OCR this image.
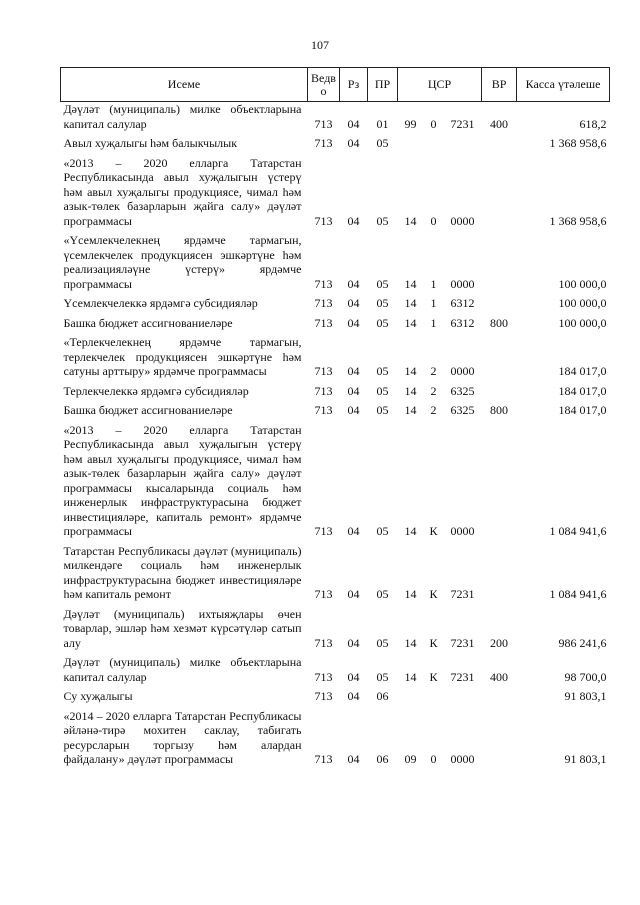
107
Исеме	Ведво	Рз	ПР	ЦСР			ВР	Касса үтәлеше
Дәүләт (муниципаль) милке объектларына капитал салулар	713	04	01	99	0	7231	400	618,2
Авыл хуҗалыгы һәм балыкчылык	713	04	05					1 368 958,6
«2013 – 2020 елларга Татарстан Республикасында авыл хуҗалыгын үстерү һәм авыл хуҗалыгы продукциясе, чимал һәм азык-төлек базарларын җайга салу» дәүләт программасы	713	04	05	14	0	0000		1 368 958,6
«Үсемлекчелекнең ярдәмче тармагын, үсемлекчелек продукциясен эшкәртүне һәм реализацияләүне үстерү» ярдәмче программасы	713	04	05	14	1	0000		100 000,0
Үсемлекчелеккә ярдәмгә субсидияләр	713	04	05	14	1	6312		100 000,0
Башка бюджет ассигнованиеләре	713	04	05	14	1	6312	800	100 000,0
«Терлекчелекнең ярдәмче тармагын, терлекчелек продукциясен эшкәртүне һәм сатуны арттыру» ярдәмче программасы	713	04	05	14	2	0000		184 017,0
Терлекчелеккә ярдәмгә субсидияләр	713	04	05	14	2	6325		184 017,0
Башка бюджет ассигнованиеләре	713	04	05	14	2	6325	800	184 017,0
«2013 – 2020 елларга Татарстан Республикасында авыл хуҗалыгын үстерү һәм авыл хуҗалыгы продукциясе, чимал һәм азык-төлек базарларын җайга салу» дәүләт программасы кысаларында социаль һәм инженерлык инфраструктурасына бюджет инвестицияләре, капиталь ремонт» ярдәмче программасы	713	04	05	14	К	0000		1 084 941,6
Татарстан Республикасы дәүләт (муниципаль) милкендәге социаль һәм инженерлык инфраструктурасына бюджет инвестицияләре һәм капиталь ремонт	713	04	05	14	К	7231		1 084 941,6
Дәүләт (муниципаль) ихтыяҗлары өчен товарлар, эшләр һәм хезмәт күрсәтүләр сатып алу	713	04	05	14	К	7231	200	986 241,6
Дәүләт (муниципаль) милке объектларына капитал салулар	713	04	05	14	К	7231	400	98 700,0
Су хуҗалыгы	713	04	06					91 803,1
«2014 – 2020 елларга Татарстан Республикасы әйләнә-тирә мохитен саклау, табигать ресурсларын торгызу һәм алардан файдалану» дәүләт программасы	713	04	06	09	0	0000		91 803,1
